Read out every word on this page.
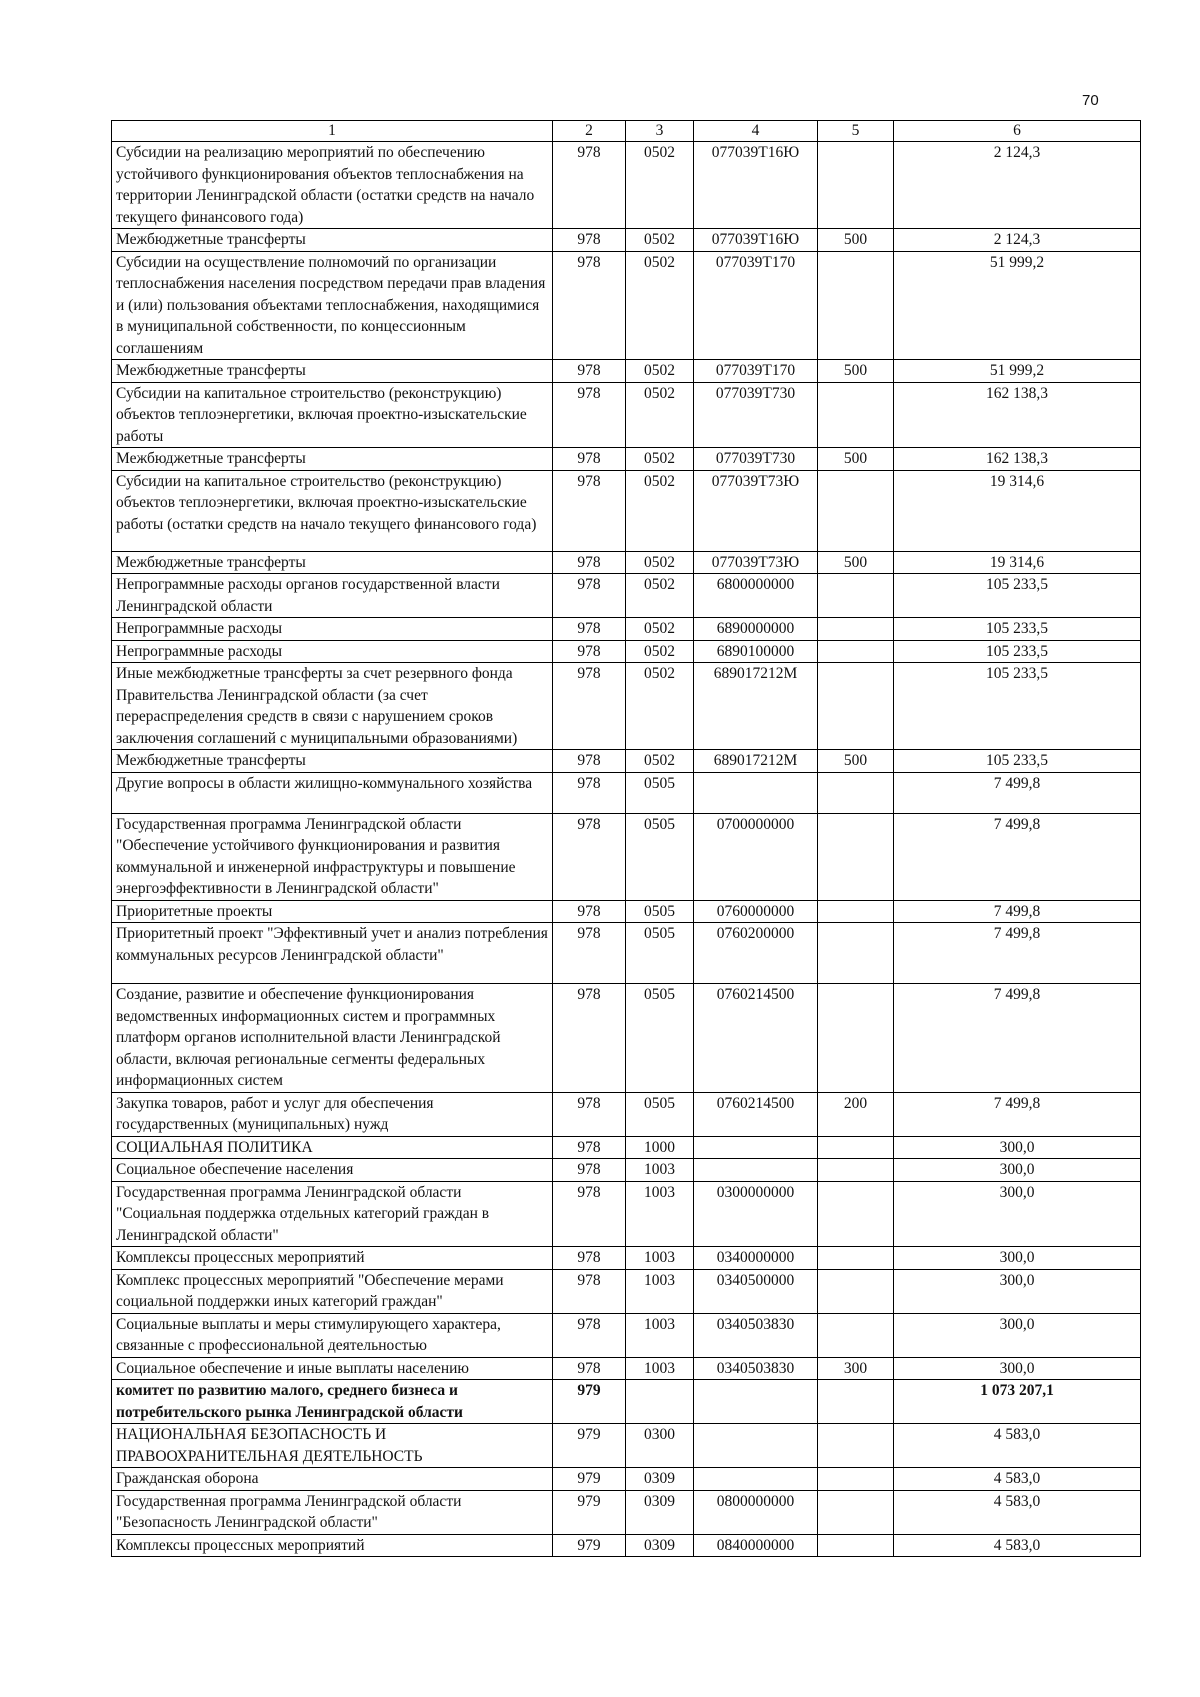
70
1	2	3	4	5	6
Субсидии на реализацию мероприятий по обеспечению устойчивого функционирования объектов теплоснабжения на территории Ленинградской области (остатки средств на начало текущего финансового года)	978	0502	077039Т16Ю		2 124,3
Межбюджетные трансферты	978	0502	077039Т16Ю	500	2 124,3
Субсидии на осуществление полномочий по организации теплоснабжения населения посредством передачи прав владения и (или) пользования объектами теплоснабжения, находящимися в муниципальной собственности, по концессионным соглашениям	978	0502	077039Т170		51 999,2
Межбюджетные трансферты	978	0502	077039Т170	500	51 999,2
Субсидии на капитальное строительство (реконструкцию) объектов теплоэнергетики, включая проектно-изыскательские работы	978	0502	077039Т730		162 138,3
Межбюджетные трансферты	978	0502	077039Т730	500	162 138,3
Субсидии на капитальное строительство (реконструкцию) объектов теплоэнергетики, включая проектно-изыскательские работы (остатки средств на начало текущего финансового года)	978	0502	077039Т73Ю		19 314,6
Межбюджетные трансферты	978	0502	077039Т73Ю	500	19 314,6
Непрограммные расходы органов государственной власти Ленинградской области	978	0502	6800000000		105 233,5
Непрограммные расходы	978	0502	6890000000		105 233,5
Непрограммные расходы	978	0502	6890100000		105 233,5
Иные межбюджетные трансферты за счет резервного фонда Правительства Ленинградской области (за счет перераспределения средств в связи с нарушением сроков заключения соглашений с муниципальными образованиями)	978	0502	689017212М		105 233,5
Межбюджетные трансферты	978	0502	689017212М	500	105 233,5
Другие вопросы в области жилищно-коммунального хозяйства	978	0505			7 499,8
Государственная программа Ленинградской области "Обеспечение устойчивого функционирования и развития коммунальной и инженерной инфраструктуры и повышение энергоэффективности в Ленинградской области"	978	0505	0700000000		7 499,8
Приоритетные проекты	978	0505	0760000000		7 499,8
Приоритетный проект "Эффективный учет и анализ потребления коммунальных ресурсов Ленинградской области"	978	0505	0760200000		7 499,8
Создание, развитие и обеспечение функционирования ведомственных информационных систем и программных платформ органов исполнительной власти Ленинградской области, включая региональные сегменты федеральных информационных систем	978	0505	0760214500		7 499,8
Закупка товаров, работ и услуг для обеспечения государственных (муниципальных) нужд	978	0505	0760214500	200	7 499,8
СОЦИАЛЬНАЯ ПОЛИТИКА	978	1000			300,0
Социальное обеспечение населения	978	1003			300,0
Государственная программа Ленинградской области "Социальная поддержка отдельных категорий граждан в Ленинградской области"	978	1003	0300000000		300,0
Комплексы процессных мероприятий	978	1003	0340000000		300,0
Комплекс процессных мероприятий "Обеспечение мерами социальной поддержки иных категорий граждан"	978	1003	0340500000		300,0
Социальные выплаты и меры стимулирующего характера, связанные с профессиональной деятельностью	978	1003	0340503830		300,0
Социальное обеспечение и иные выплаты населению	978	1003	0340503830	300	300,0
комитет по развитию малого, среднего бизнеса и потребительского рынка Ленинградской области	979				1 073 207,1
НАЦИОНАЛЬНАЯ БЕЗОПАСНОСТЬ И ПРАВООХРАНИТЕЛЬНАЯ ДЕЯТЕЛЬНОСТЬ	979	0300			4 583,0
Гражданская оборона	979	0309			4 583,0
Государственная программа Ленинградской области "Безопасность Ленинградской области"	979	0309	0800000000		4 583,0
Комплексы процессных мероприятий	979	0309	0840000000		4 583,0
